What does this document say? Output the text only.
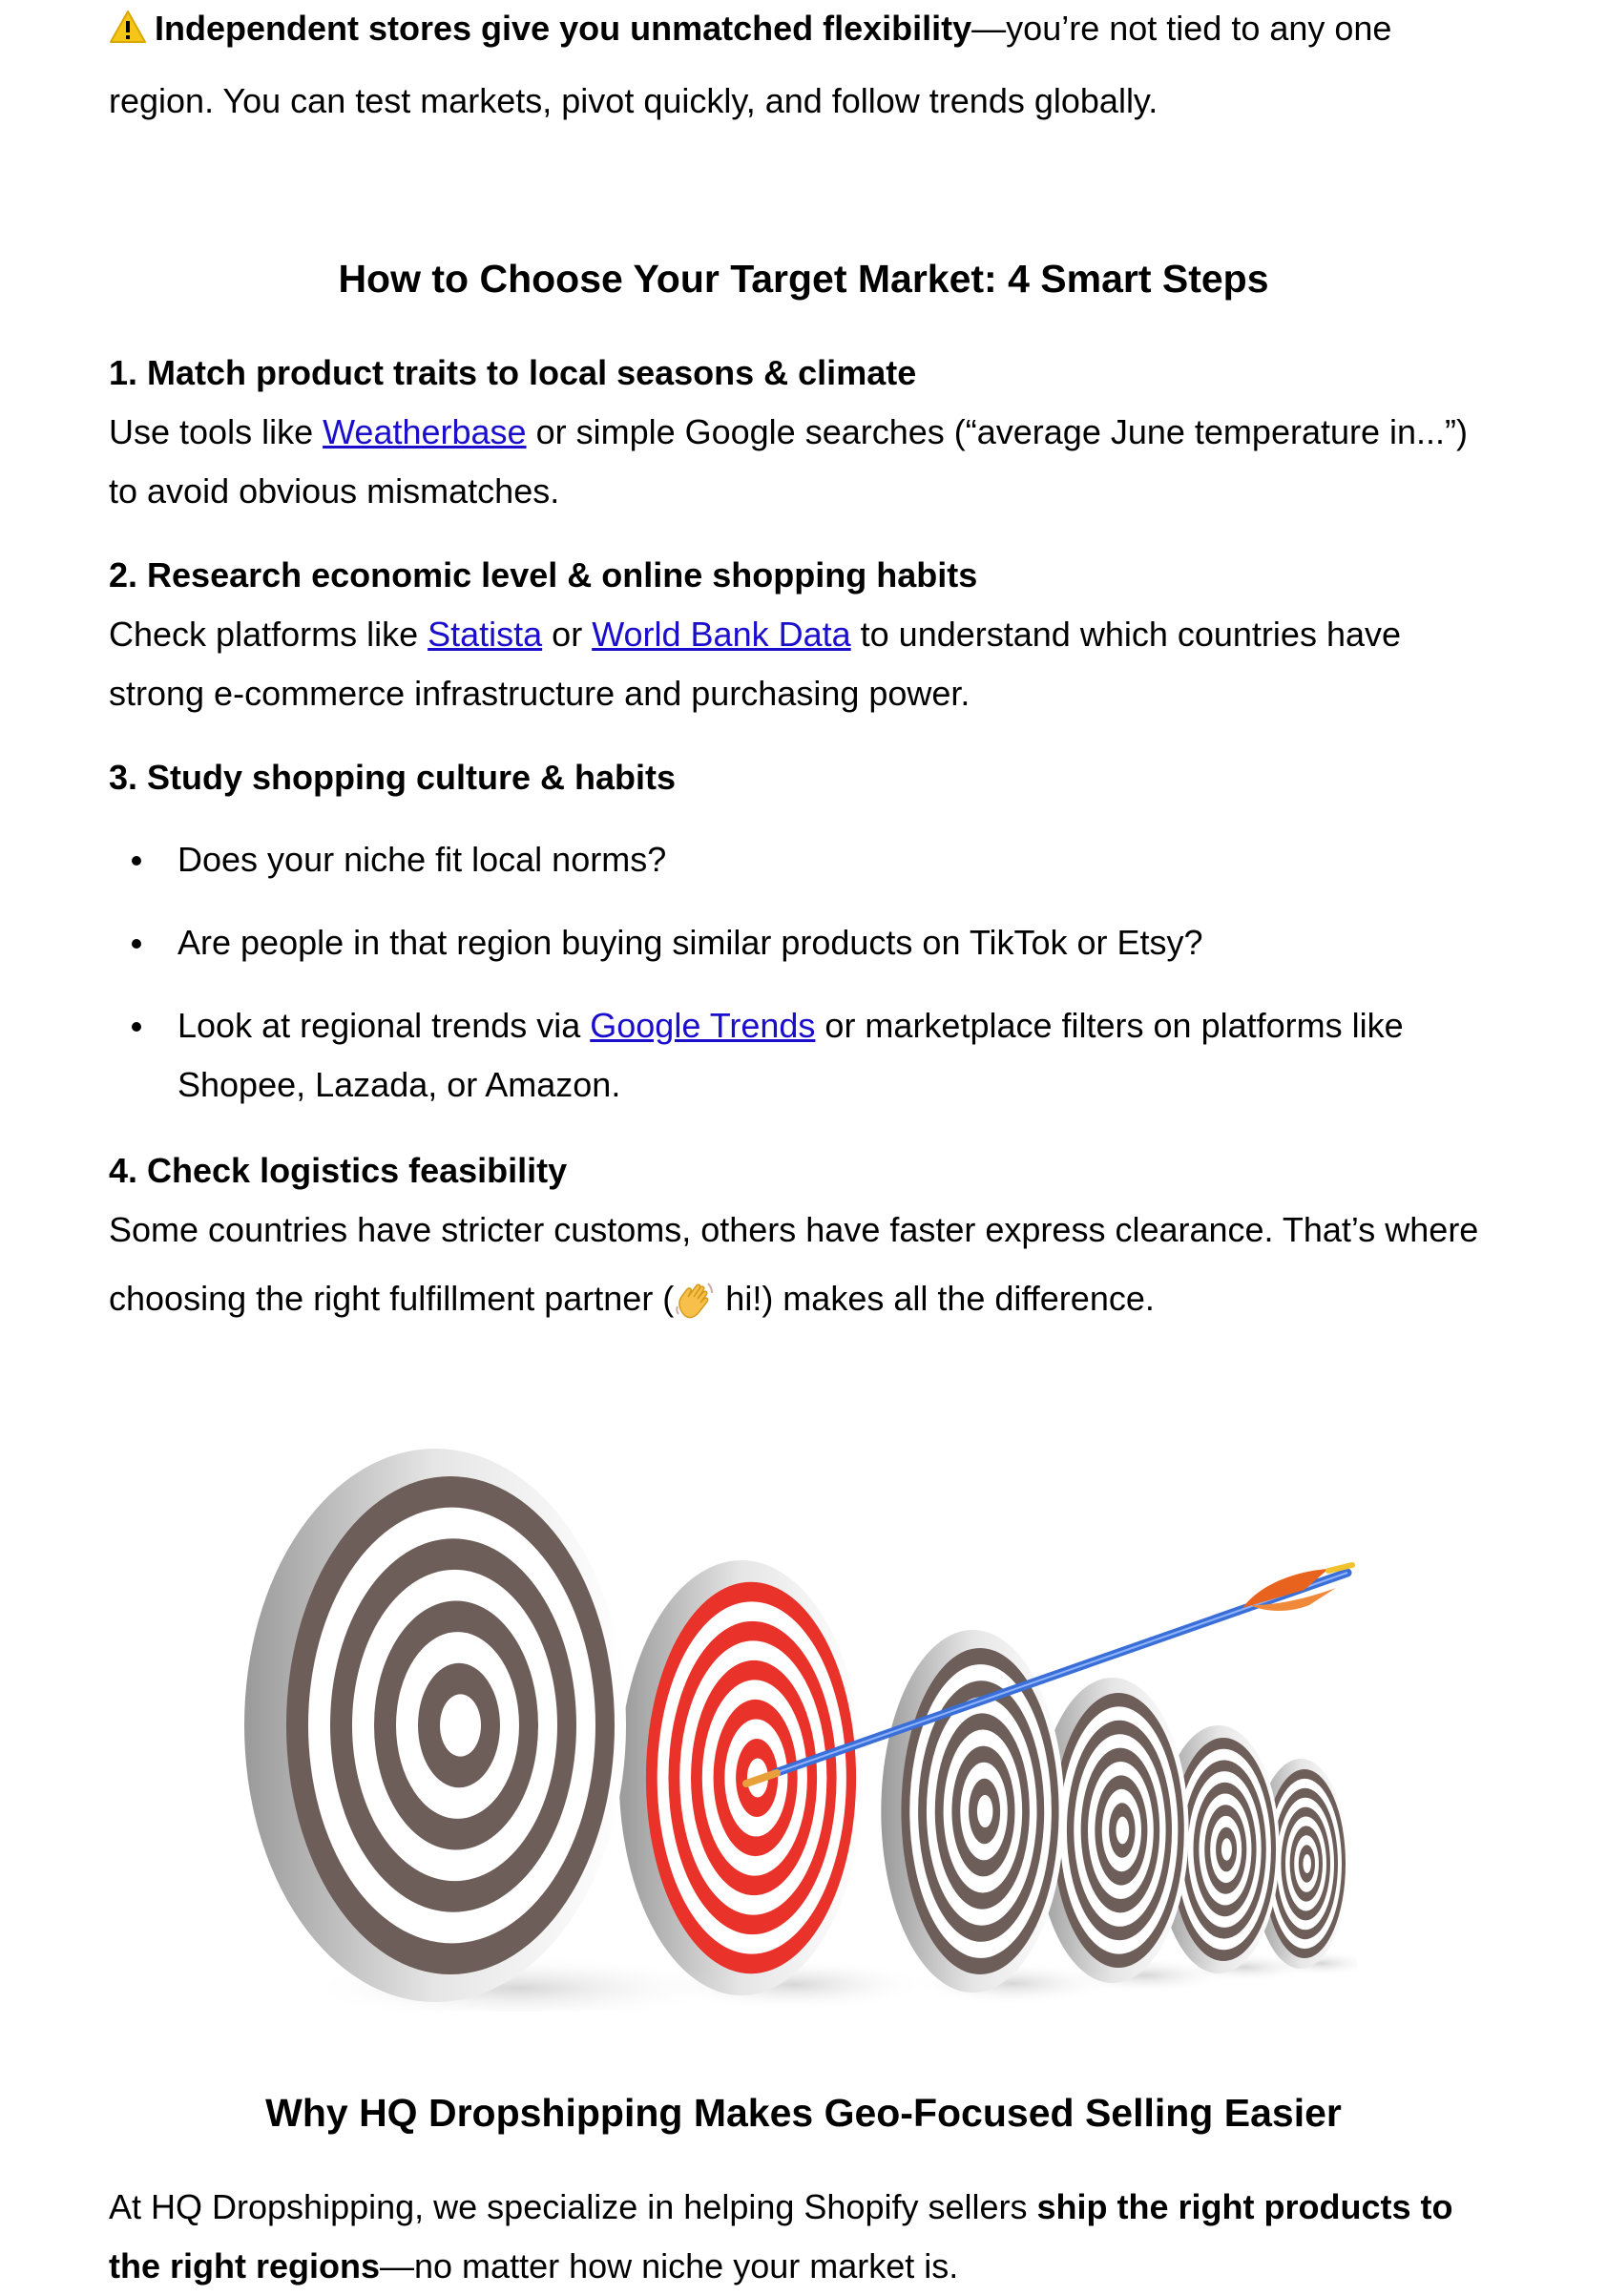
Independent stores give you unmatched flexibility—you’re not tied to any one

region. You can test markets, pivot quickly, and follow trends globally.

How to Choose Your Target Market: 4 Smart Steps
1. Match product traits to local seasons & climate

Use tools like Weatherbase or simple Google searches (“average June temperature in...”)

to avoid obvious mismatches.

2. Research economic level & online shopping habits

Check platforms like Statista or World Bank Data to understand which countries have

strong e-commerce infrastructure and purchasing power.

3. Study shopping culture & habits
Does your niche fit local norms?
Are people in that region buying similar products on TikTok or Etsy?
Look at regional trends via Google Trends or marketplace filters on platforms like
Shopee, Lazada, or Amazon.
4. Check logistics feasibility

Some countries have stricter customs, others have faster express clearance. That’s where

choosing the right fulfillment partner ( hi!) makes all the difference.

Why HQ Dropshipping Makes Geo-Focused Selling Easier

At HQ Dropshipping, we specialize in helping Shopify sellers ship the right products to

the right regions—no matter how niche your market is.
